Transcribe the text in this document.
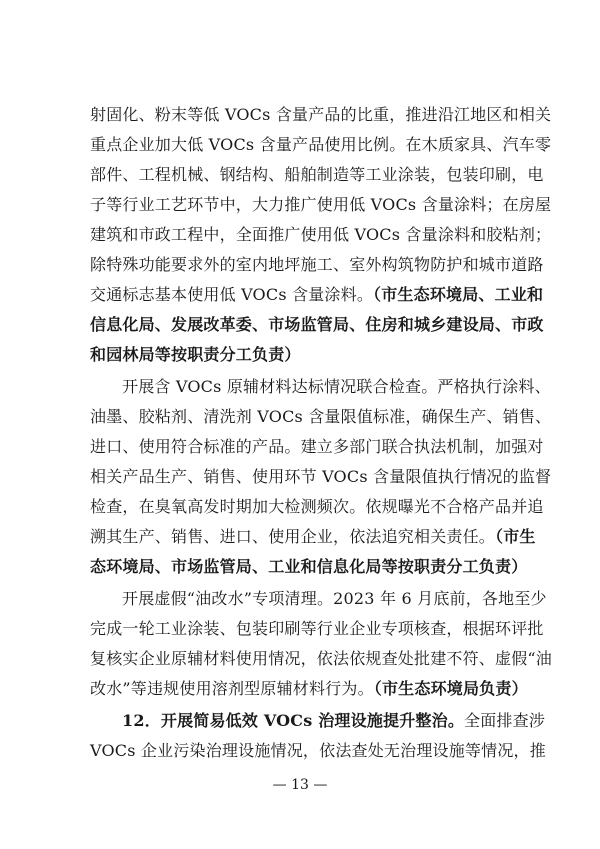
射固化、粉末等低 VOCs 含量产品的比重，推进沿江地区和相关
重点企业加大低 VOCs 含量产品使用比例。在木质家具、汽车零
部件、工程机械、钢结构、船舶制造等工业涂装，包装印刷，电
子等行业工艺环节中，大力推广使用低 VOCs 含量涂料；在房屋
建筑和市政工程中，全面推广使用低 VOCs 含量涂料和胶粘剂；
除特殊功能要求外的室内地坪施工、室外构筑物防护和城市道路
交通标志基本使用低 VOCs 含量涂料。（市生态环境局、工业和
信息化局、发展改革委、市场监管局、住房和城乡建设局、市政
和园林局等按职责分工负责）
开展含 VOCs 原辅材料达标情况联合检查。严格执行涂料、
油墨、胶粘剂、清洗剂 VOCs 含量限值标准，确保生产、销售、
进口、使用符合标准的产品。建立多部门联合执法机制，加强对
相关产品生产、销售、使用环节 VOCs 含量限值执行情况的监督
检查，在臭氧高发时期加大检测频次。依规曝光不合格产品并追
溯其生产、销售、进口、使用企业，依法追究相关责任。（市生
态环境局、市场监管局、工业和信息化局等按职责分工负责）
开展虚假“油改水”专项清理。2023 年 6 月底前，各地至少
完成一轮工业涂装、包装印刷等行业企业专项核查，根据环评批
复核实企业原辅材料使用情况，依法依规查处批建不符、虚假“油
改水”等违规使用溶剂型原辅材料行为。（市生态环境局负责）
12．开展简易低效 VOCs 治理设施提升整治。全面排查涉
VOCs 企业污染治理设施情况，依法查处无治理设施等情况，推
— 13 —
